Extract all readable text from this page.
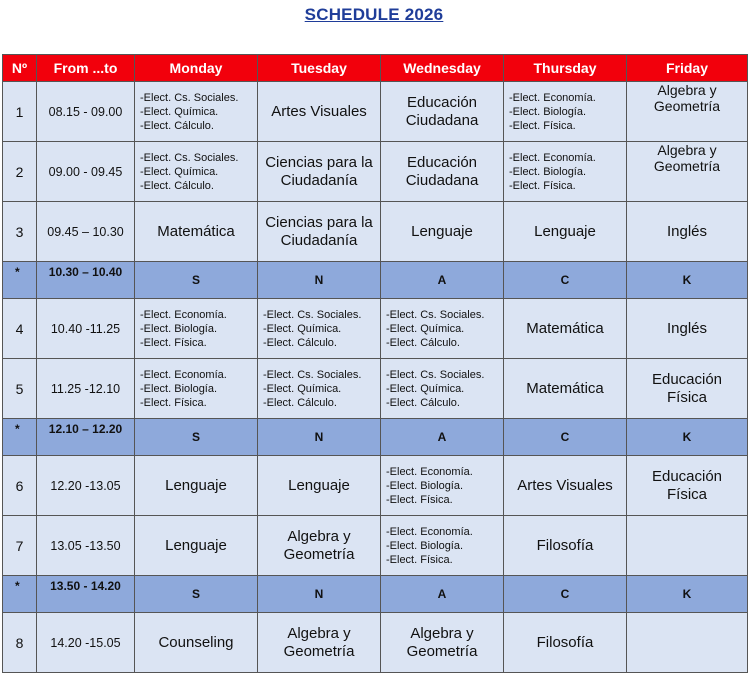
SCHEDULE 2026
Nº	From ...to	Monday	Tuesday	Wednesday	Thursday	Friday
1	08.15 - 09.00	-Elect. Cs. Sociales.
-Elect. Química.
-Elect. Cálculo.	Artes Visuales	Educación Ciudadana	-Elect. Economía.
-Elect. Biología.
-Elect. Física.	Algebra y Geometría

2	09.00 - 09.45	-Elect. Cs. Sociales.
-Elect. Química.
-Elect. Cálculo.	Ciencias para la Ciudadanía	Educación Ciudadana	-Elect. Economía.
-Elect. Biología.
-Elect. Física.	Algebra y Geometría

3	09.45 – 10.30	Matemática	Ciencias para la Ciudadanía	Lenguaje	Lenguaje	Inglés

*	10.30 – 10.40	S	N	A	C	K
4	10.40 -11.25	-Elect. Economía.
-Elect. Biología.
-Elect. Física.	-Elect. Cs. Sociales.
-Elect. Química.
-Elect. Cálculo.	-Elect. Cs. Sociales.
-Elect. Química.
-Elect. Cálculo.	Matemática	Inglés

5	11.25 -12.10	-Elect. Economía.
-Elect. Biología.
-Elect. Física.	-Elect. Cs. Sociales.
-Elect. Química.
-Elect. Cálculo.	-Elect. Cs. Sociales.
-Elect. Química.
-Elect. Cálculo.	Matemática	Educación Física

*	12.10 – 12.20	S	N	A	C	K
6	12.20 -13.05	Lenguaje	Lenguaje	-Elect. Economía.
-Elect. Biología.
-Elect. Física.	Artes Visuales	Educación Física

7	13.05 -13.50	Lenguaje	Algebra y Geometría	-Elect. Economía.
-Elect. Biología.
-Elect. Física.	Filosofía	

*	13.50 - 14.20	S	N	A	C	K
8	14.20 -15.05	Counseling	Algebra y Geometría	Algebra y Geometría	Filosofía	
